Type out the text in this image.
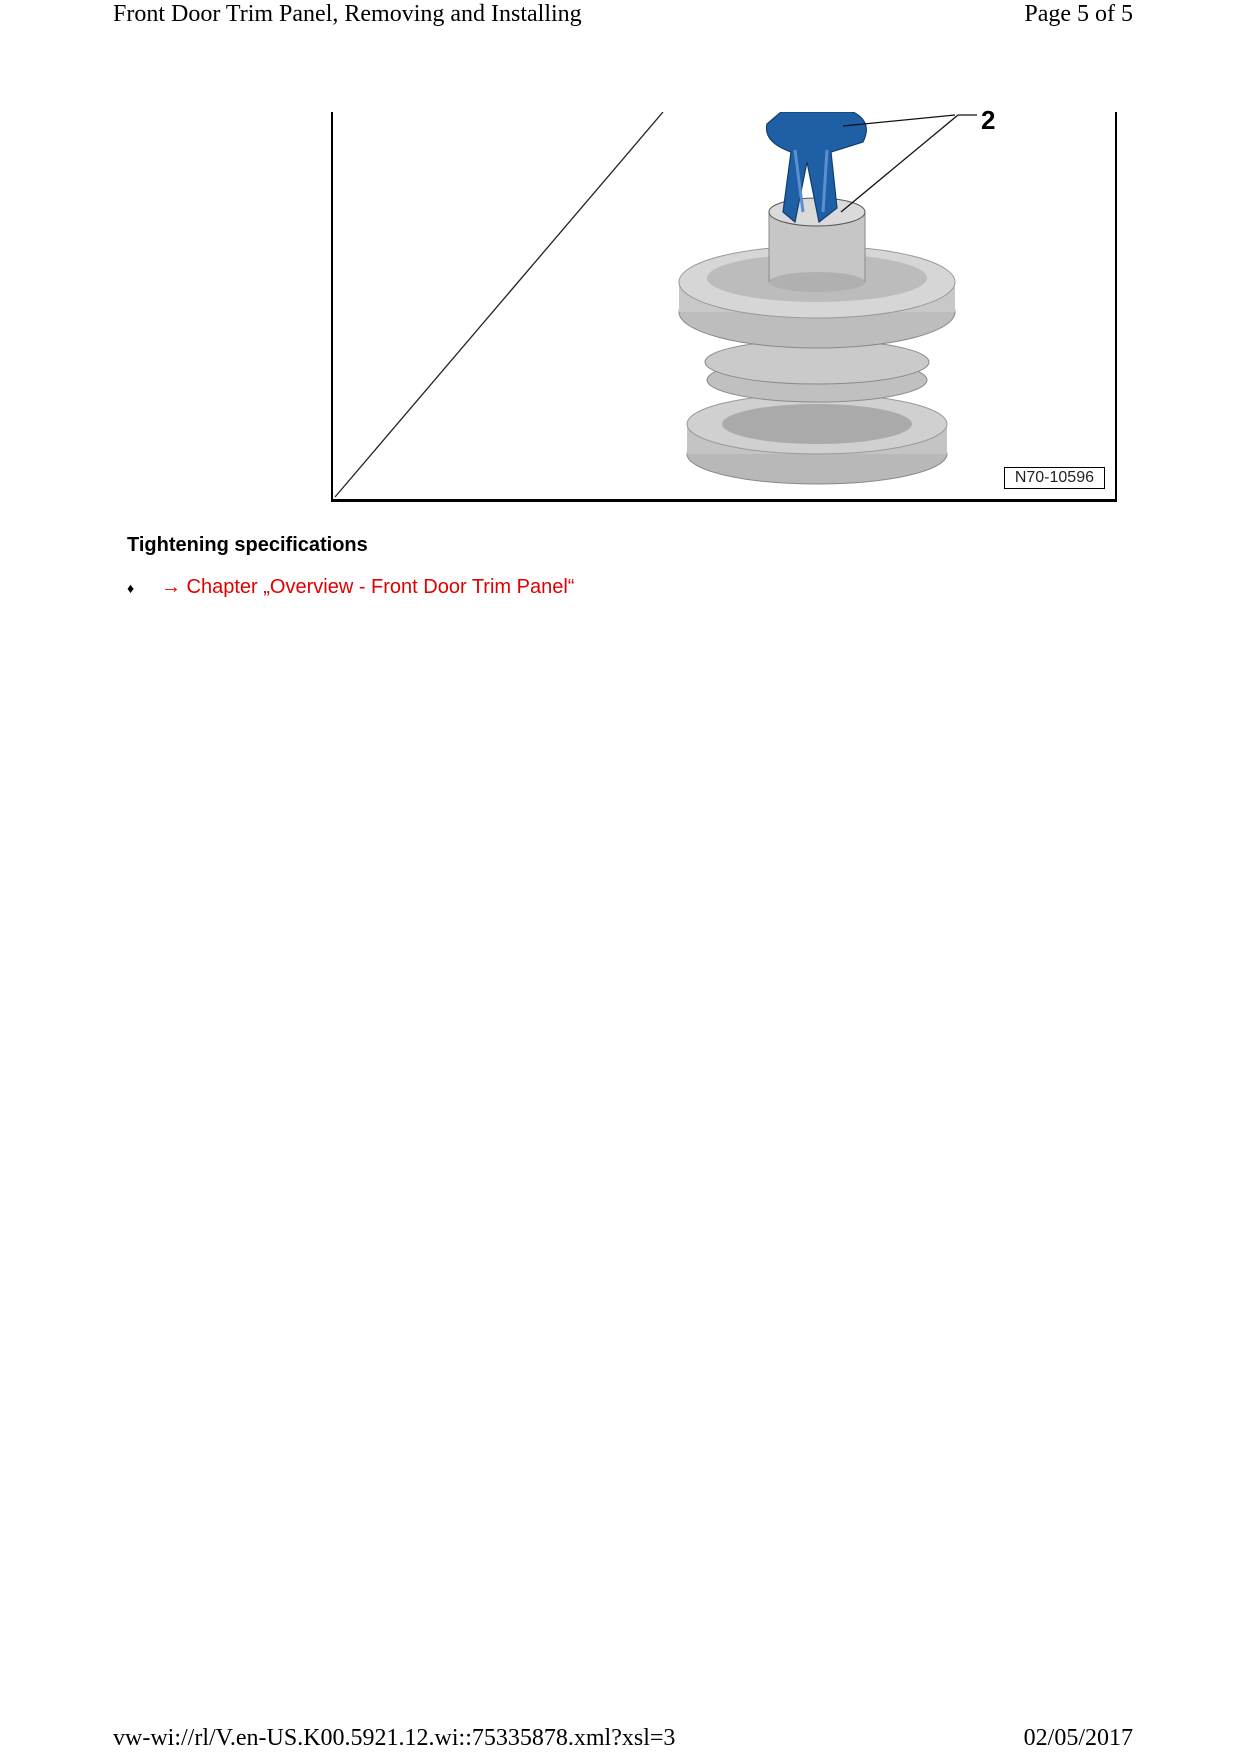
Front Door Trim Panel, Removing and Installing	Page 5 of 5
2
N70-10596
Tightening specifications
♦	→ Chapter „Overview - Front Door Trim Panel“
vw-wi://rl/V.en-US.K00.5921.12.wi::75335878.xml?xsl=3	02/05/2017
